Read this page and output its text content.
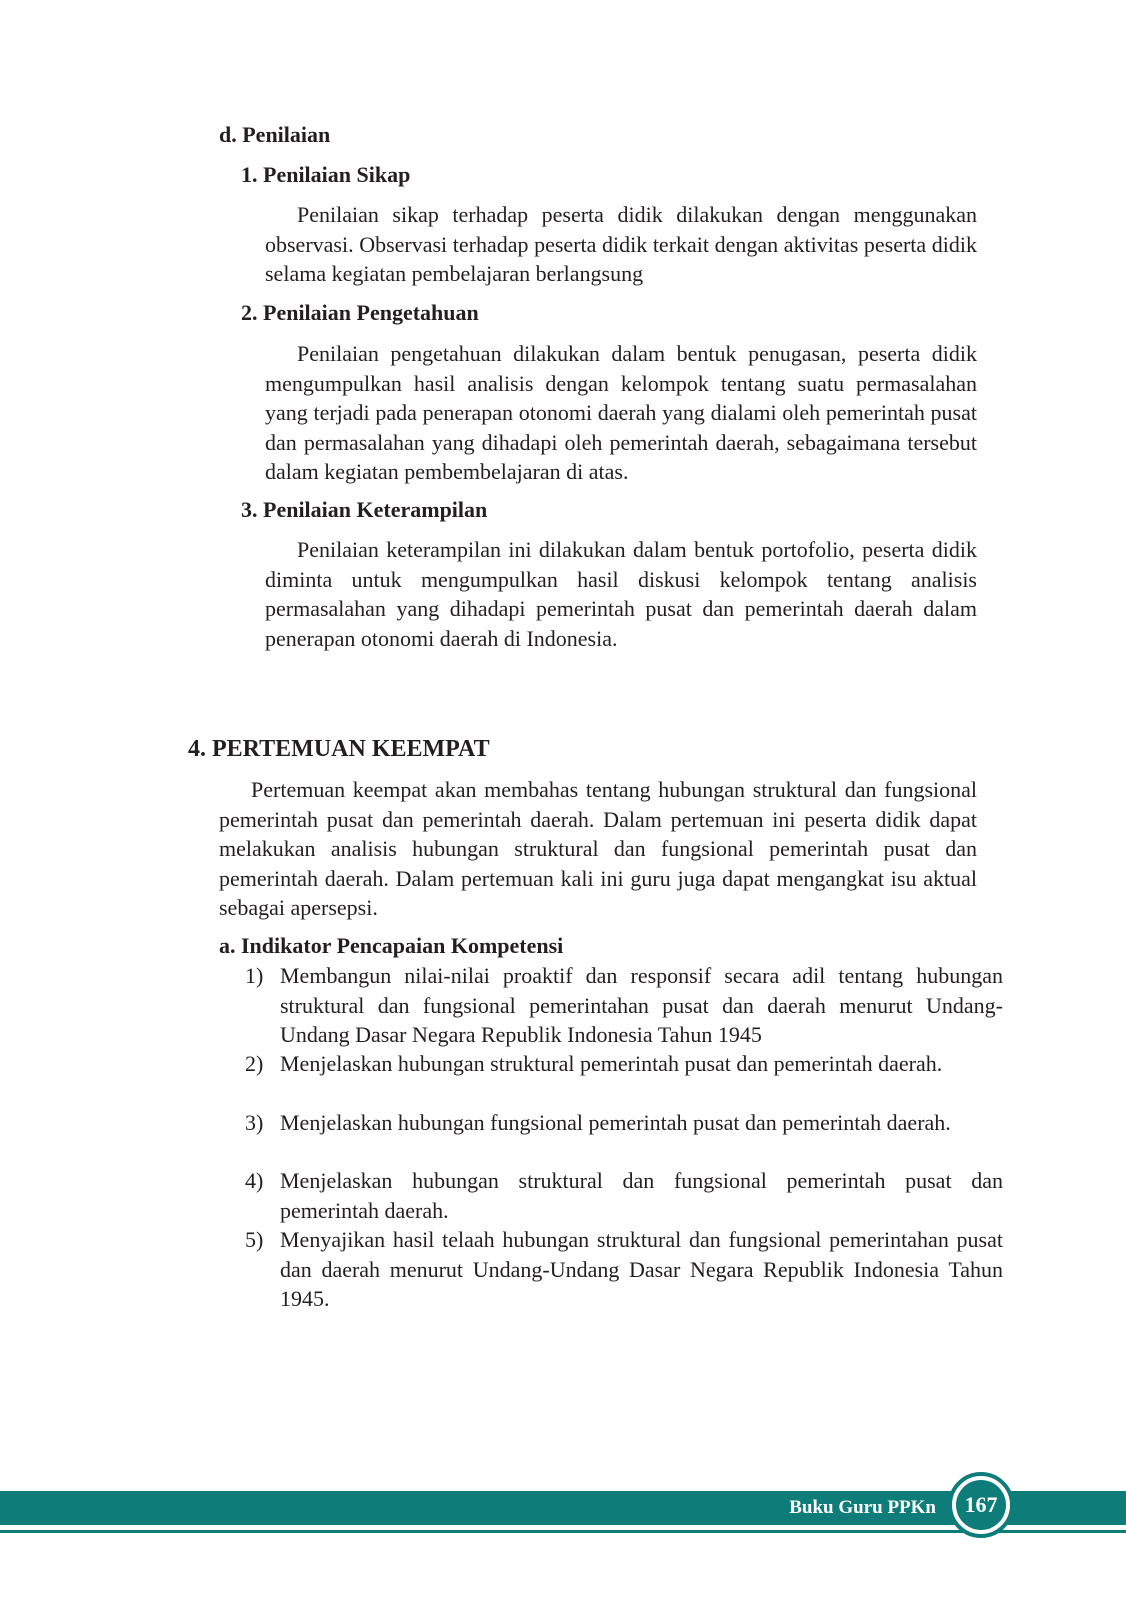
d. Penilaian
1. Penilaian Sikap

Penilaian sikap terhadap peserta didik dilakukan dengan menggunakan observasi. Observasi terhadap peserta didik terkait dengan aktivitas peserta didik selama kegiatan pembelajaran berlangsung

2. Penilaian Pengetahuan

Penilaian pengetahuan dilakukan dalam bentuk penugasan, peserta didik mengumpulkan hasil analisis dengan kelompok tentang suatu permasalahan yang terjadi pada penerapan otonomi daerah yang dialami oleh pemerintah pusat dan permasalahan yang dihadapi oleh pemerintah daerah, sebagaimana tersebut dalam kegiatan pembembelajaran di atas.

3. Penilaian Keterampilan

Penilaian keterampilan ini dilakukan dalam bentuk portofolio, peserta didik diminta untuk mengumpulkan hasil diskusi kelompok tentang analisis permasalahan yang dihadapi pemerintah pusat dan pemerintah daerah dalam penerapan otonomi daerah di Indonesia.

4. PERTEMUAN KEEMPAT

Pertemuan keempat akan membahas tentang hubungan struktural dan fungsional pemerintah pusat dan pemerintah daerah. Dalam pertemuan ini peserta didik dapat melakukan analisis hubungan struktural dan fungsional pemerintah pusat dan pemerintah daerah. Dalam pertemuan kali ini guru juga dapat mengangkat isu aktual sebagai apersepsi.

a. Indikator Pencapaian Kompetensi
1) Membangun nilai-nilai proaktif dan responsif secara adil tentang hubungan struktural dan fungsional pemerintahan pusat dan daerah menurut Undang-Undang Dasar Negara Republik Indonesia Tahun 1945
2) Menjelaskan hubungan struktural pemerintah pusat dan pemerintah daerah.
3) Menjelaskan hubungan fungsional pemerintah pusat dan pemerintah daerah.
4) Menjelaskan hubungan struktural dan fungsional pemerintah pusat dan pemerintah daerah.
5) Menyajikan hasil telaah hubungan struktural dan fungsional pemerintahan pusat dan daerah menurut Undang-Undang Dasar Negara Republik Indonesia Tahun 1945.
Buku Guru PPKn	167
